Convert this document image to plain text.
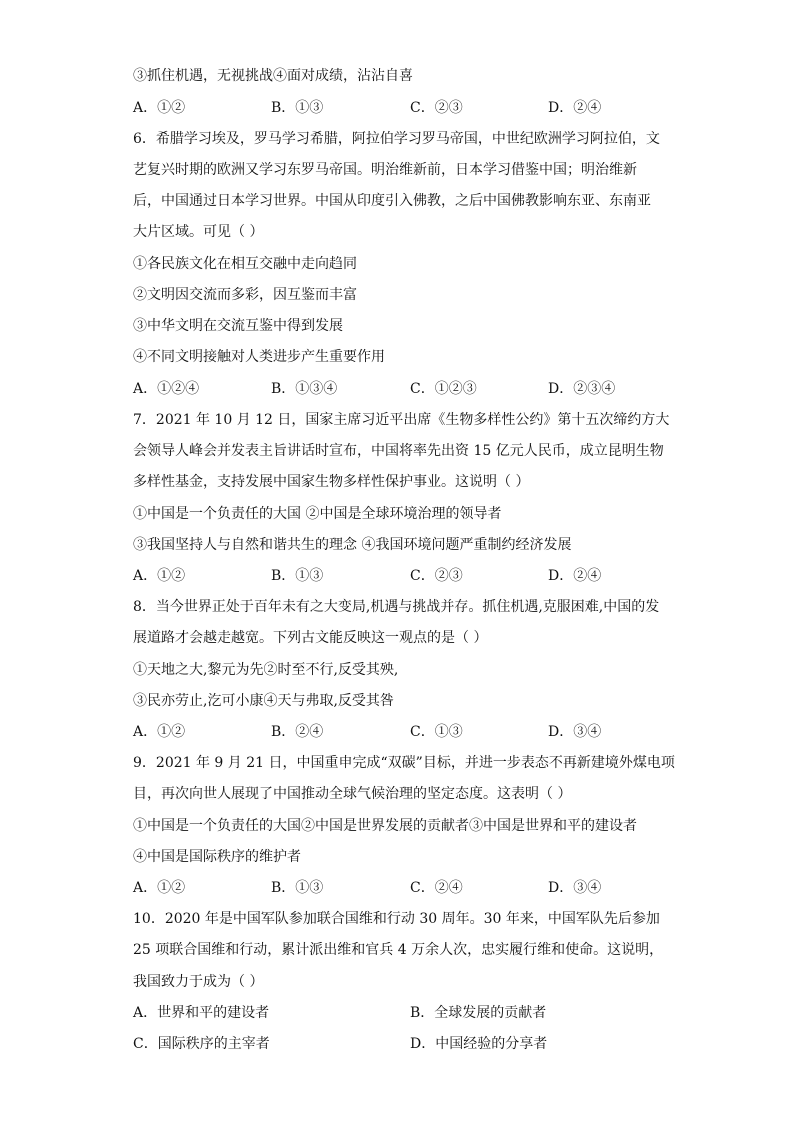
③抓住机遇，无视挑战④面对成绩，沾沾自喜
A．①②	B．①③	C．②③	D．②④
6．希腊学习埃及，罗马学习希腊，阿拉伯学习罗马帝国，中世纪欧洲学习阿拉伯，文
艺复兴时期的欧洲又学习东罗马帝国。明治维新前，日本学习借鉴中国；明治维新
后，中国通过日本学习世界。中国从印度引入佛教，之后中国佛教影响东亚、东南亚
大片区域。可见（ ）
①各民族文化在相互交融中走向趋同
②文明因交流而多彩，因互鉴而丰富
③中华文明在交流互鉴中得到发展
④不同文明接触对人类进步产生重要作用
A．①②④	B．①③④	C．①②③	D．②③④
7．2021 年 10 月 12 日，国家主席习近平出席《生物多样性公约》第十五次缔约方大
会领导人峰会并发表主旨讲话时宣布，中国将率先出资 15 亿元人民币，成立昆明生物
多样性基金，支持发展中国家生物多样性保护事业。这说明（ ）
①中国是一个负责任的大国 ②中国是全球环境治理的领导者
③我国坚持人与自然和谐共生的理念 ④我国环境问题严重制约经济发展
A．①②	B．①③	C．②③	D．②④
8．当今世界正处于百年未有之大变局,机遇与挑战并存。抓住机遇,克服困难,中国的发
展道路才会越走越宽。下列古文能反映这一观点的是（ ）
①天地之大,黎元为先②时至不行,反受其殃,
③民亦劳止,汔可小康④天与弗取,反受其咎
A．①②	B．②④	C．①③	D．③④
9．2021 年 9 月 21 日，中国重申完成“双碳”目标，并进一步表态不再新建境外煤电项
目，再次向世人展现了中国推动全球气候治理的坚定态度。这表明（ ）
①中国是一个负责任的大国②中国是世界发展的贡献者③中国是世界和平的建设者
④中国是国际秩序的维护者
A．①②	B．①③	C．②④	D．③④
10．2020 年是中国军队参加联合国维和行动 30 周年。30 年来，中国军队先后参加
25 项联合国维和行动，累计派出维和官兵 4 万余人次，忠实履行维和使命。这说明，
我国致力于成为（ ）
A．世界和平的建设者	B．全球发展的贡献者
C．国际秩序的主宰者	D．中国经验的分享者
